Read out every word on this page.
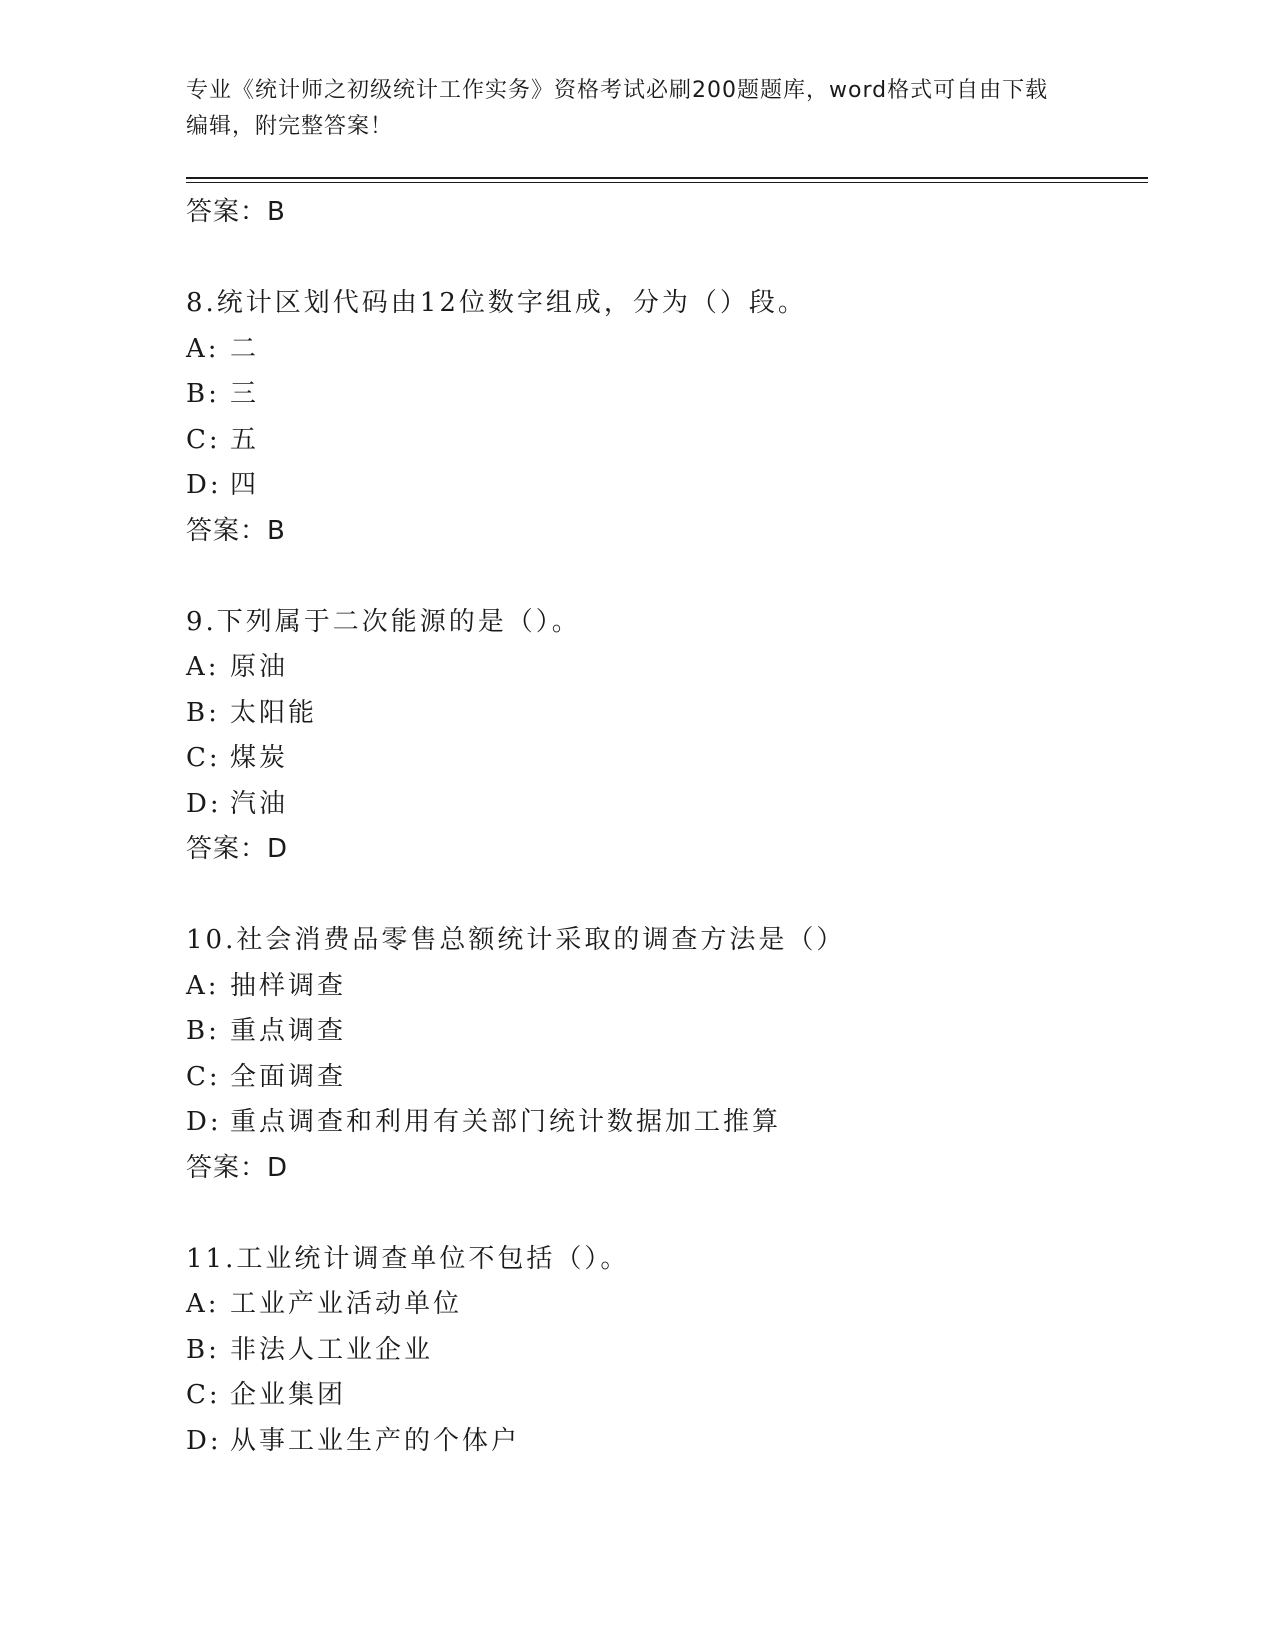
专业《统计师之初级统计工作实务》资格考试必刷200题题库，word格式可自由下载编辑，附完整答案！
答案：B
8.统计区划代码由12位数字组成，分为（）段。
A: 二
B: 三
C: 五
D: 四
答案：B
9.下列属于二次能源的是（）。
A: 原油
B: 太阳能
C: 煤炭
D: 汽油
答案：D
10.社会消费品零售总额统计采取的调查方法是（）
A: 抽样调查
B: 重点调查
C: 全面调查
D: 重点调查和利用有关部门统计数据加工推算
答案：D
11.工业统计调查单位不包括（）。
A: 工业产业活动单位
B: 非法人工业企业
C: 企业集团
D: 从事工业生产的个体户
